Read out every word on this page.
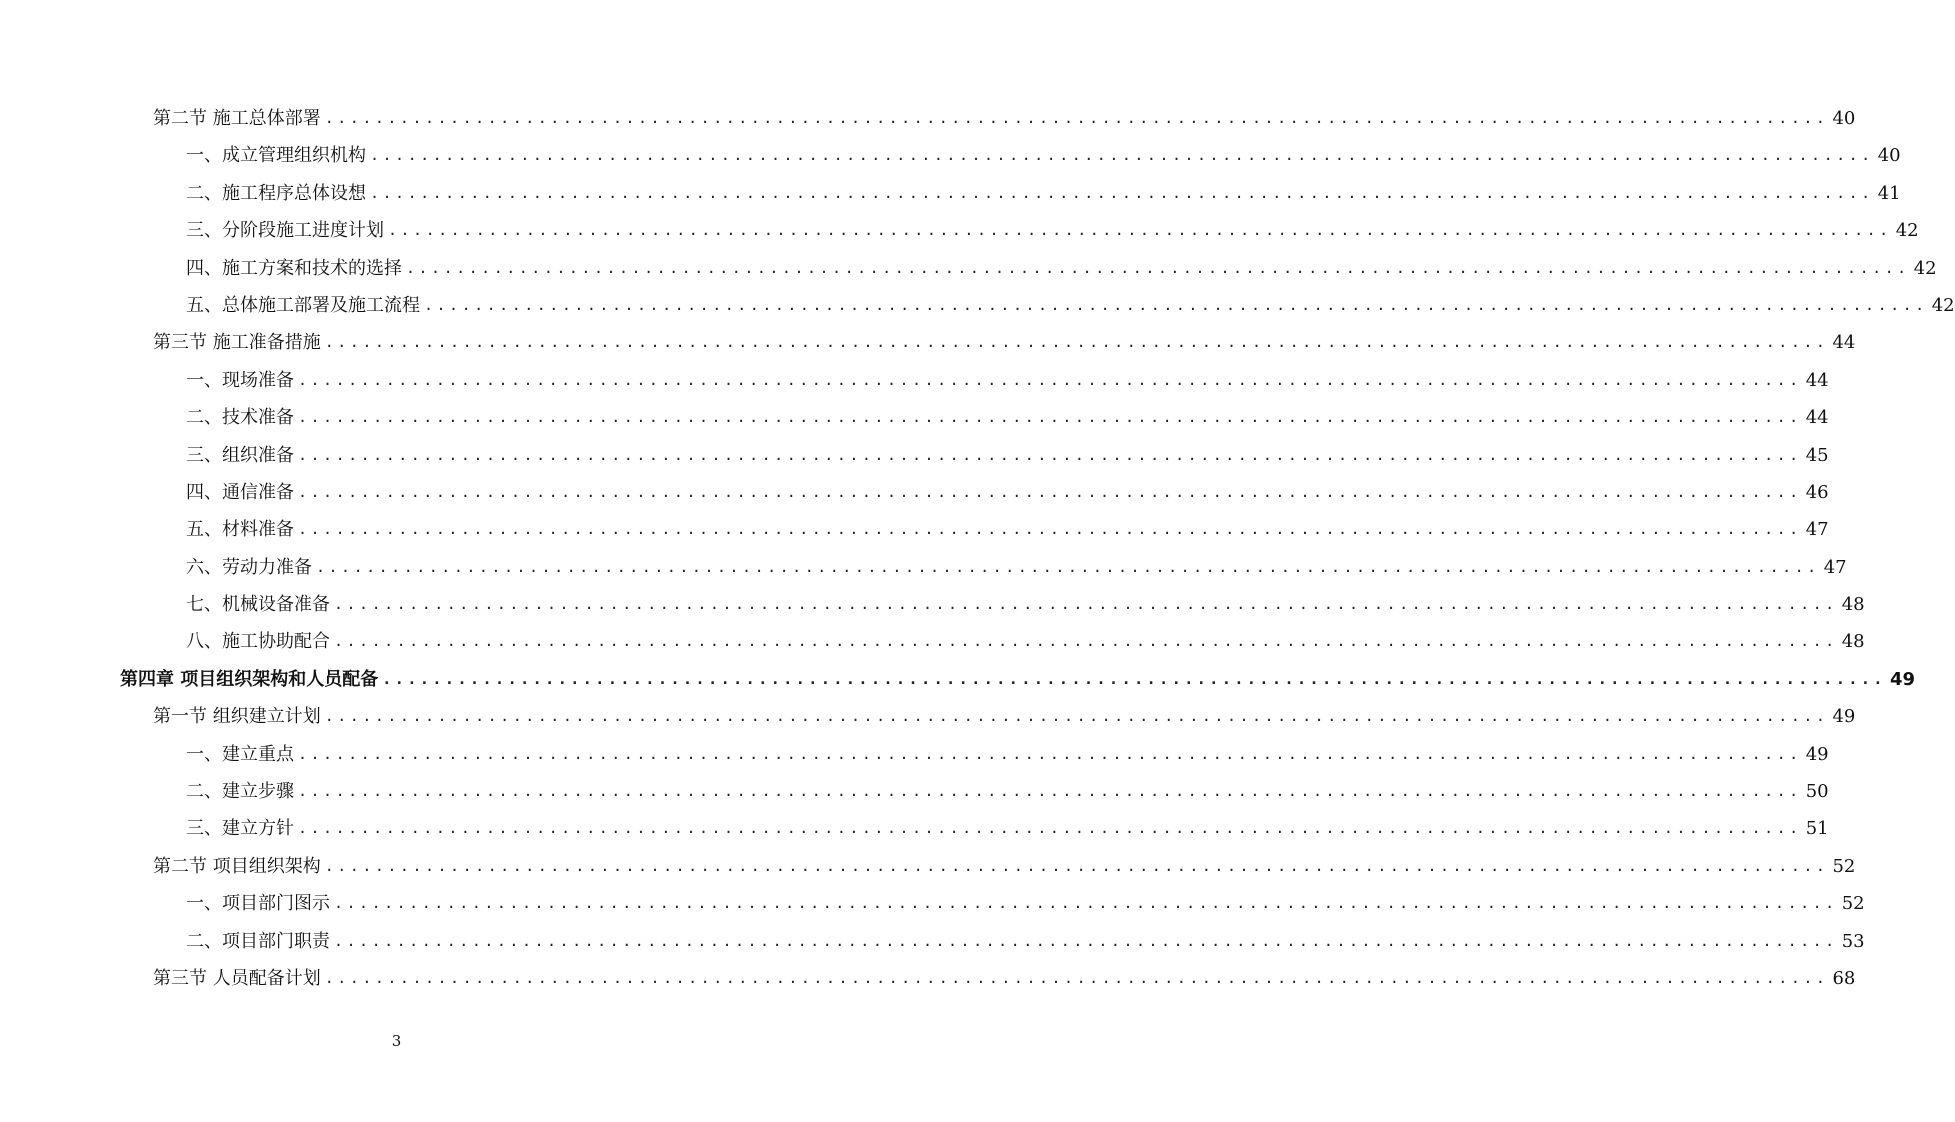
第二节 施工总体部署 ........................................................................................................................ 40
一、成立管理组织机构 ........................................................................................................................ 40
二、施工程序总体设想 ........................................................................................................................ 41
三、分阶段施工进度计划 ........................................................................................................................ 42
四、施工方案和技术的选择 ........................................................................................................................ 42
五、总体施工部署及施工流程 ........................................................................................................................ 42
第三节 施工准备措施 ........................................................................................................................ 44
一、现场准备 ........................................................................................................................ 44
二、技术准备 ........................................................................................................................ 44
三、组织准备 ........................................................................................................................ 45
四、通信准备 ........................................................................................................................ 46
五、材料准备 ........................................................................................................................ 47
六、劳动力准备 ........................................................................................................................ 47
七、机械设备准备 ........................................................................................................................ 48
八、施工协助配合 ........................................................................................................................ 48
第四章 项目组织架构和人员配备 ........................................................................................................................ 49
第一节 组织建立计划 ........................................................................................................................ 49
一、建立重点 ........................................................................................................................ 49
二、建立步骤 ........................................................................................................................ 50
三、建立方针 ........................................................................................................................ 51
第二节 项目组织架构 ........................................................................................................................ 52
一、项目部门图示 ........................................................................................................................ 52
二、项目部门职责 ........................................................................................................................ 53
第三节 人员配备计划 ........................................................................................................................ 68
3
